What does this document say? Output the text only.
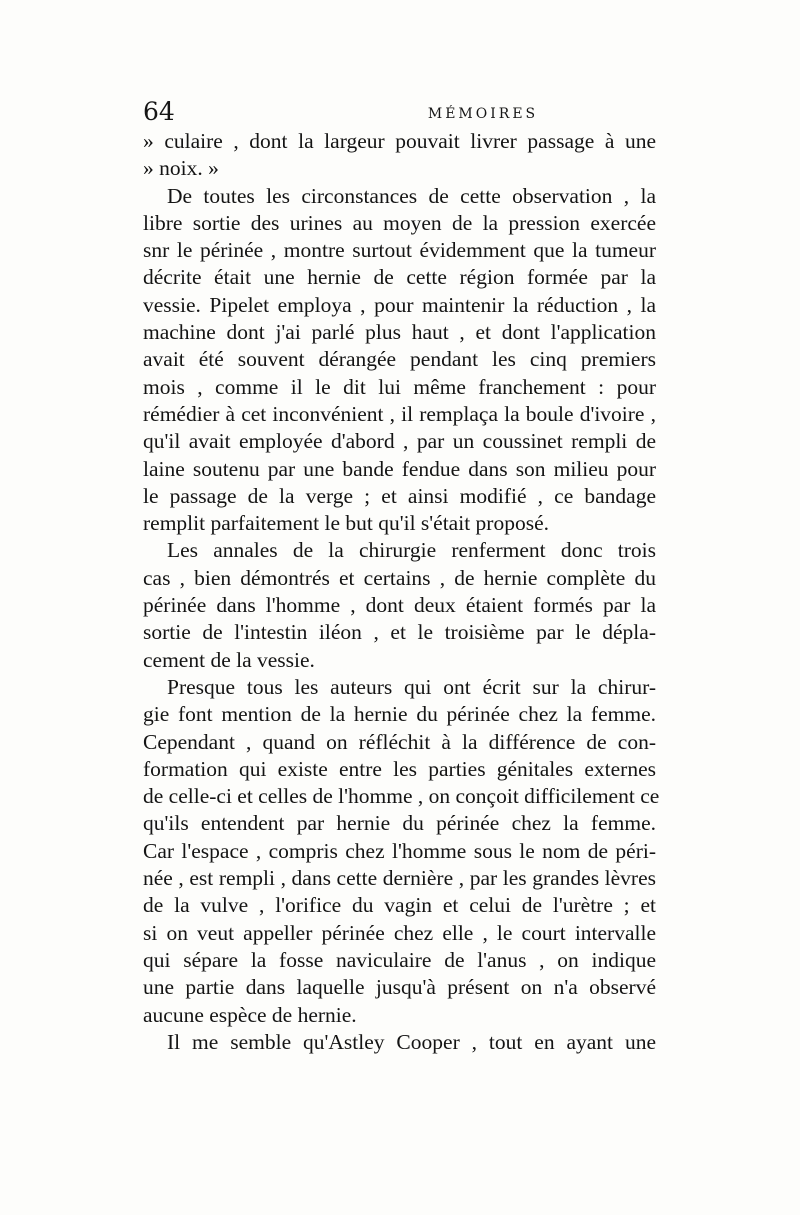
64	MÉMOIRES
» culaire , dont la largeur pouvait livrer passage à une
» noix. »
De toutes les circonstances de cette observation , la
libre sortie des urines au moyen de la pression exercée
snr le périnée , montre surtout évidemment que la tumeur
décrite était une hernie de cette région formée par la
vessie. Pipelet employa , pour maintenir la réduction , la
machine dont j'ai parlé plus haut , et dont l'application
avait été souvent dérangée pendant les cinq premiers
mois , comme il le dit lui même franchement : pour
rémédier à cet inconvénient , il remplaça la boule d'ivoire ,
qu'il avait employée d'abord , par un coussinet rempli de
laine soutenu par une bande fendue dans son milieu pour
le passage de la verge ; et ainsi modifié , ce bandage
remplit parfaitement le but qu'il s'était proposé.
Les annales de la chirurgie renferment donc trois
cas , bien démontrés et certains , de hernie complète du
périnée dans l'homme , dont deux étaient formés par la
sortie de l'intestin iléon , et le troisième par le dépla-
cement de la vessie.
Presque tous les auteurs qui ont écrit sur la chirur-
gie font mention de la hernie du périnée chez la femme.
Cependant , quand on réfléchit à la différence de con-
formation qui existe entre les parties génitales externes
de celle-ci et celles de l'homme , on conçoit difficilement ce
qu'ils entendent par hernie du périnée chez la femme.
Car l'espace , compris chez l'homme sous le nom de péri-
née , est rempli , dans cette dernière , par les grandes lèvres
de la vulve , l'orifice du vagin et celui de l'urètre ; et
si on veut appeller périnée chez elle , le court intervalle
qui sépare la fosse naviculaire de l'anus , on indique
une partie dans laquelle jusqu'à présent on n'a observé
aucune espèce de hernie.
Il me semble qu'Astley Cooper , tout en ayant une
